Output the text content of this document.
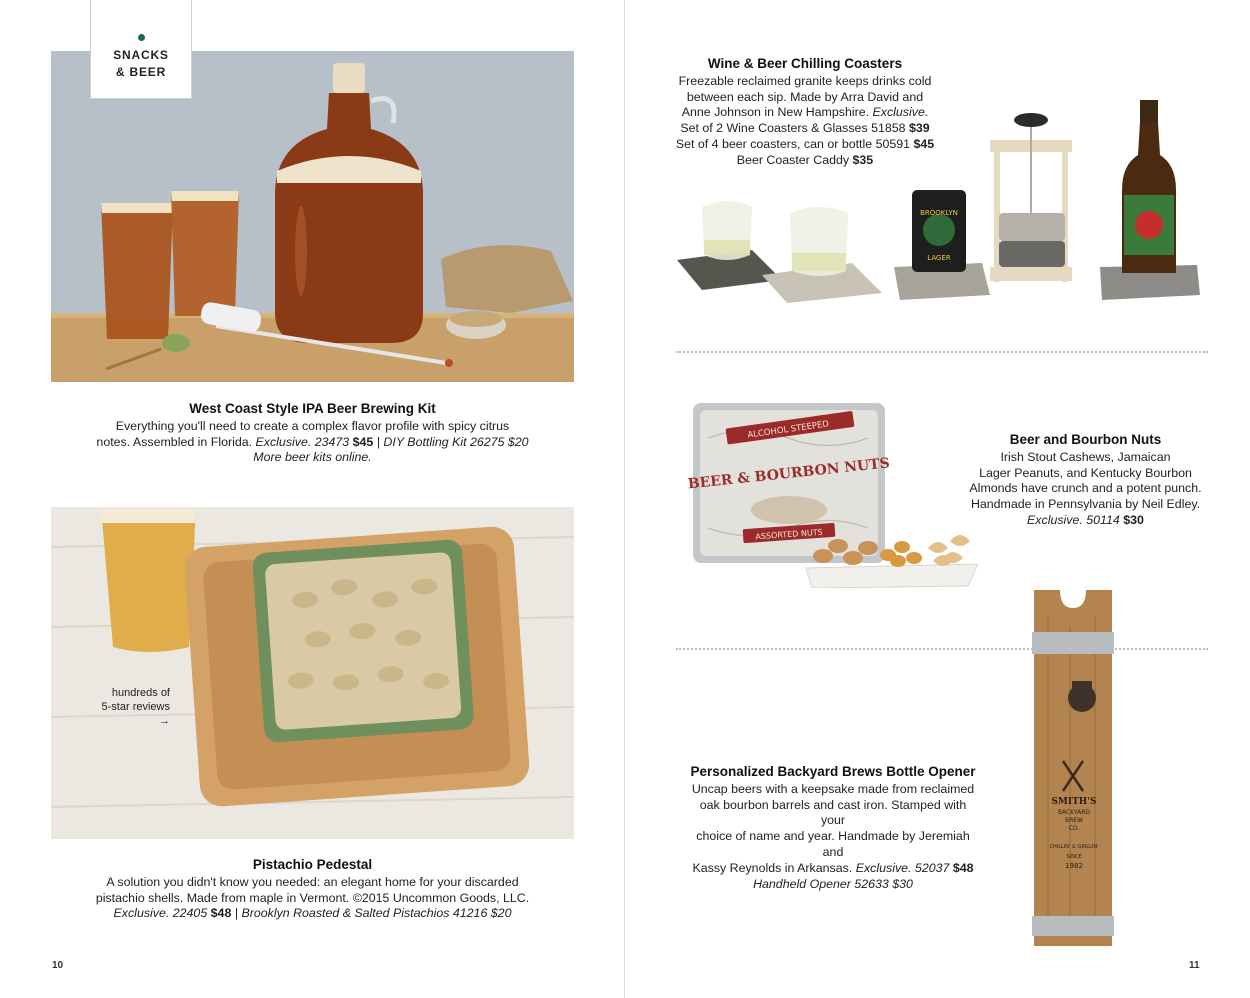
SNACKS
& BEER
West Coast Style IPA Beer Brewing Kit
Everything you'll need to create a complex flavor profile with spicy citrus
notes. Assembled in Florida. Exclusive. 23473 $45 | DIY Bottling Kit 26275 $20
More beer kits online.
hundreds of
5-star reviews
→
Pistachio Pedestal
A solution you didn't know you needed: an elegant home for your discarded
pistachio shells. Made from maple in Vermont. ©2015 Uncommon Goods, LLC.
Exclusive. 22405 $48 | Brooklyn Roasted & Salted Pistachios 41216 $20
10
Wine & Beer Chilling Coasters
Freezable reclaimed granite keeps drinks cold
between each sip. Made by Arra David and
Anne Johnson in New Hampshire. Exclusive.
Set of 2 Wine Coasters & Glasses 51858 $39
Set of 4 beer coasters, can or bottle 50591 $45
Beer Coaster Caddy $35
BROOKLYN
LAGER
ALCOHOL STEEPED
BEER & BOURBON NUTS
ASSORTED NUTS
Beer and Bourbon Nuts
Irish Stout Cashews, Jamaican
Lager Peanuts, and Kentucky Bourbon
Almonds have crunch and a potent punch.
Handmade in Pennsylvania by Neil Edley.
Exclusive. 50114 $30
Personalized Backyard Brews Bottle Opener
Uncap beers with a keepsake made from reclaimed
oak bourbon barrels and cast iron. Stamped with your
choice of name and year. Handmade by Jeremiah and
Kassy Reynolds in Arkansas. Exclusive. 52037 $48
Handheld Opener 52633 $30
SMITH'S
BACKYARD
BREW
CO.
CHILLIN' & GRILLIN'
SINCE
1982
11
